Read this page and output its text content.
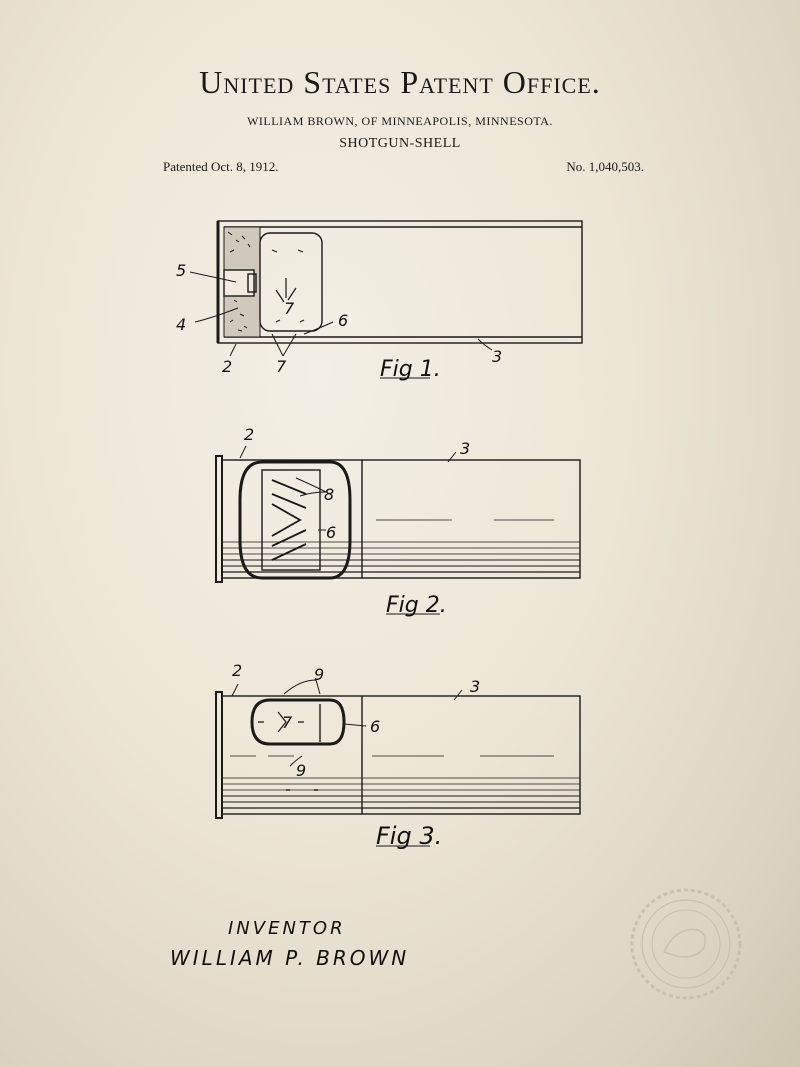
United States Patent Office.
WILLIAM BROWN, OF MINNEAPOLIS, MINNESOTA.
SHOTGUN-SHELL
Patented Oct. 8, 1912.	No. 1,040,503.
5
4
7
6
2	7
3
Fig 1.
2
3
8
6
Fig 2.
2	9
3
7	6
9
Fig 3.
INVENTOR
WILLIAM P. BROWN
